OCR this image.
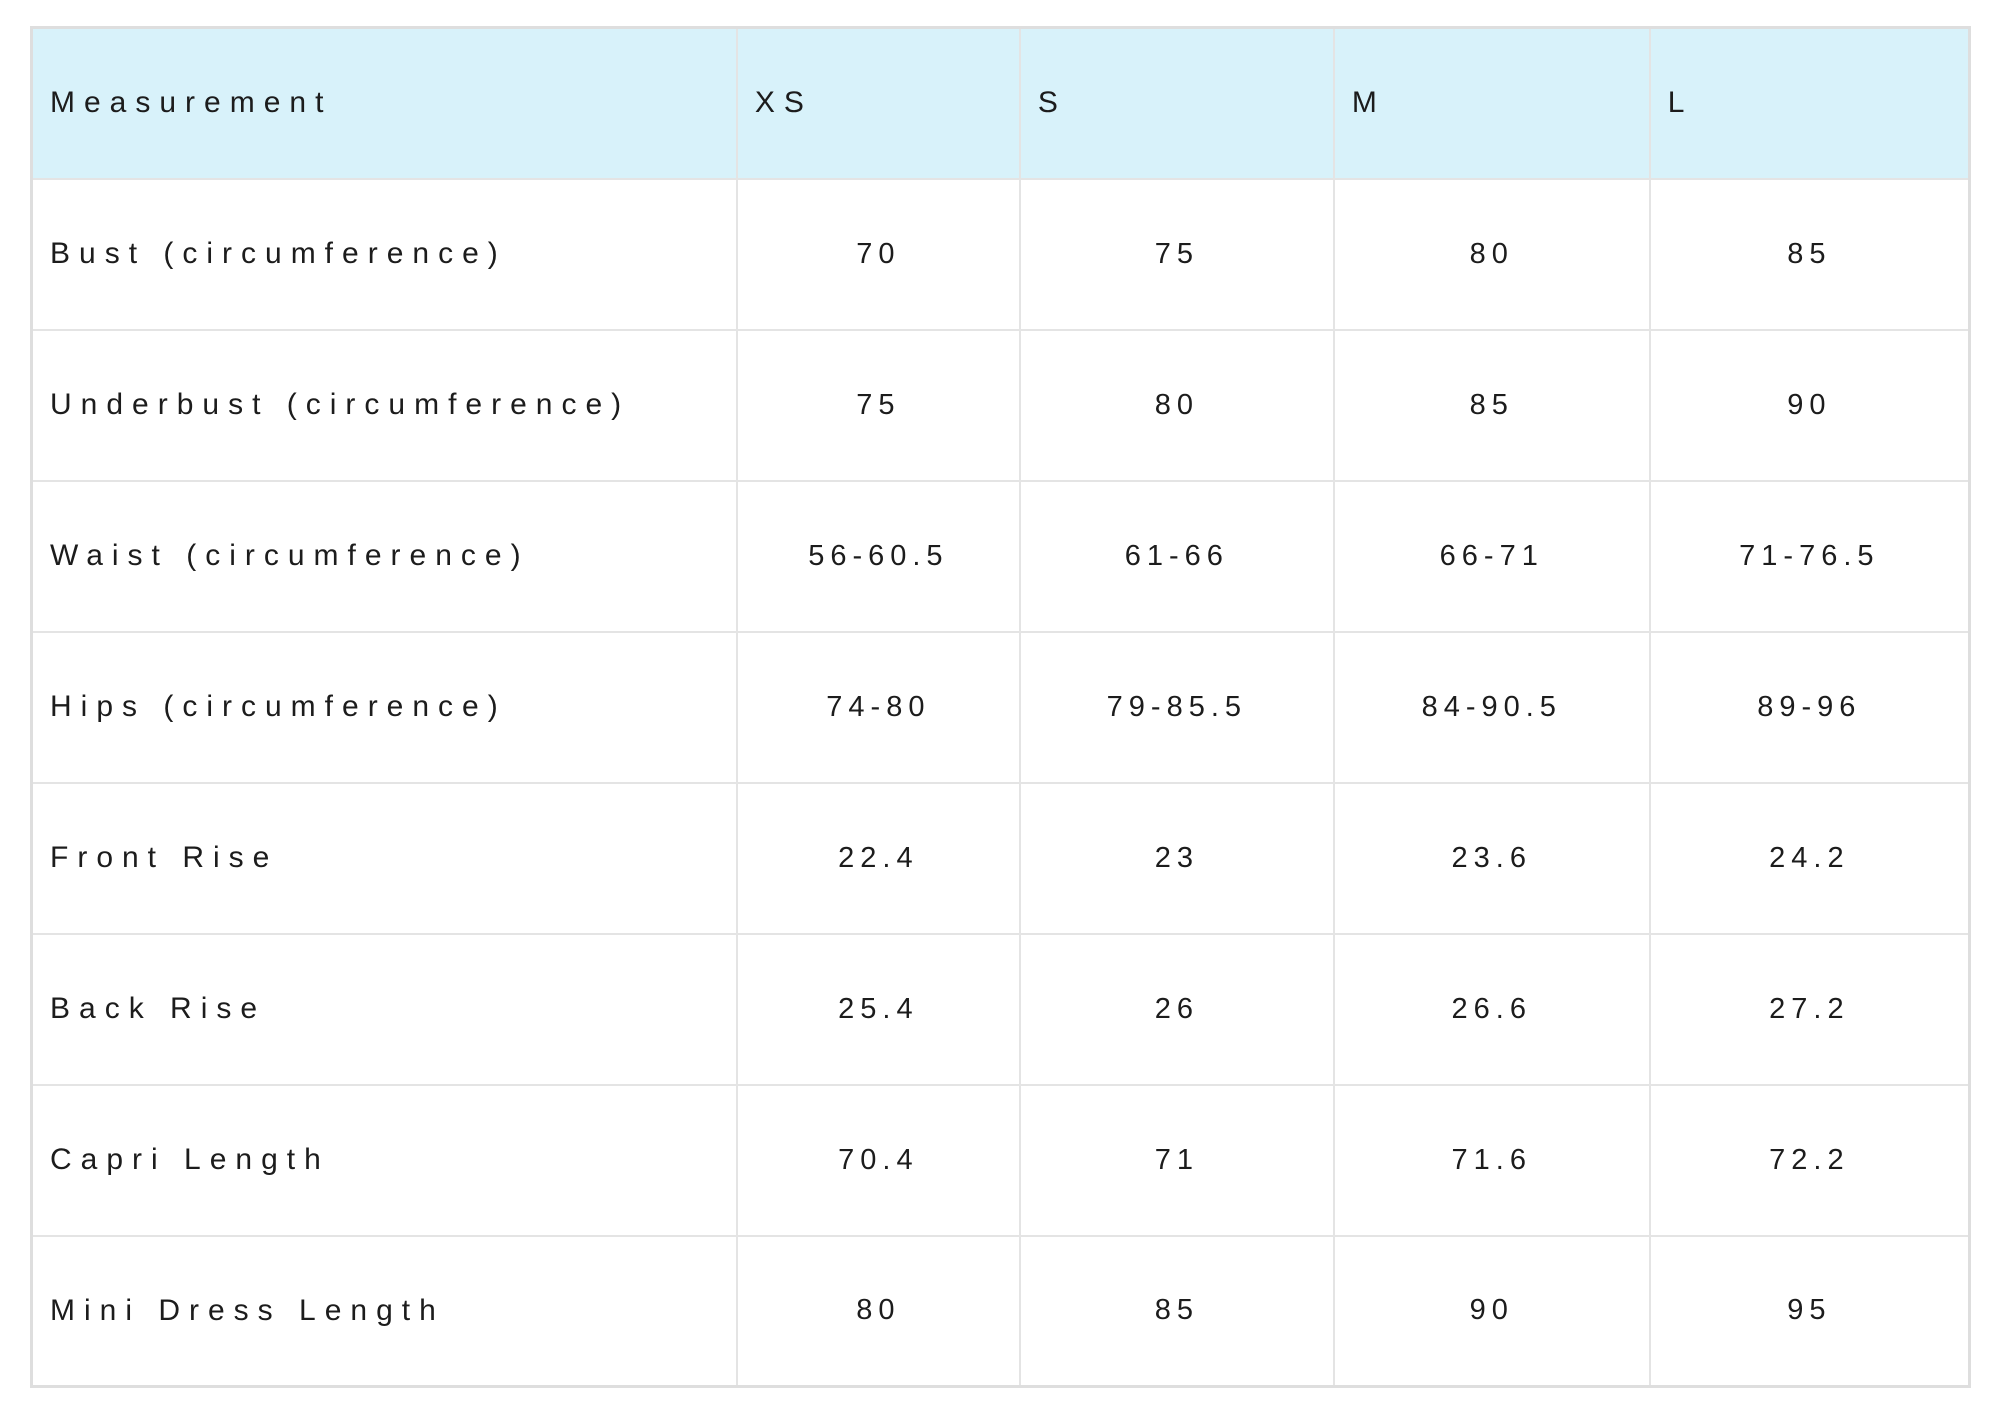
Measurement	XS	S	M	L
Bust (circumference)	70	75	80	85
Underbust (circumference)	75	80	85	90
Waist (circumference)	56-60.5	61-66	66-71	71-76.5
Hips (circumference)	74-80	79-85.5	84-90.5	89-96
Front Rise	22.4	23	23.6	24.2
Back Rise	25.4	26	26.6	27.2
Capri Length	70.4	71	71.6	72.2
Mini Dress Length	80	85	90	95
